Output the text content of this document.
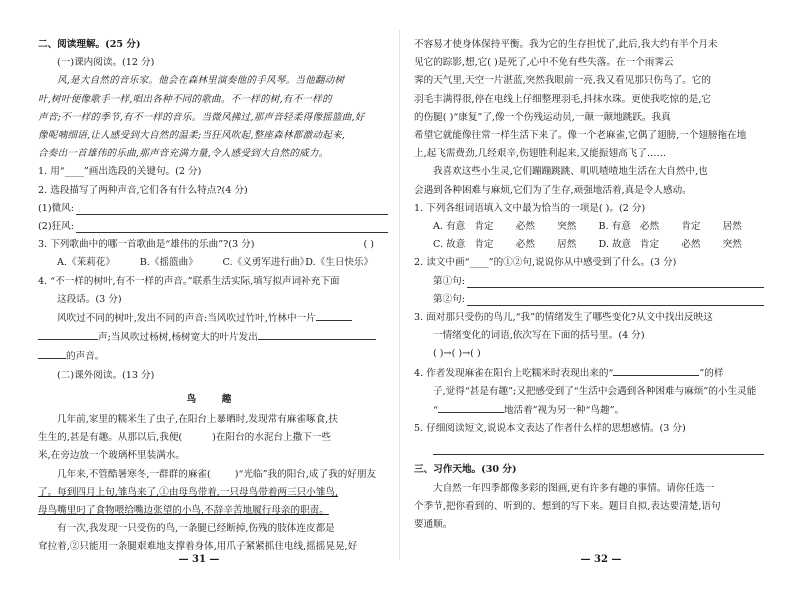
二、阅读理解。(25 分)
(一)课内阅读。(12 分)
风,是大自然的音乐家。他会在森林里演奏他的手风琴。当他翻动树
叶,树叶便像歌手一样,唱出各种不同的歌曲。不一样的树,有不一样的
声音;不一样的季节,有不一样的音乐。当微风拂过,那声音轻柔得像摇篮曲,好
像呢喃细语,让人感受到大自然的温柔;当狂风吹起,整座森林都激动起来,
合奏出一首雄伟的乐曲,那声音充满力量,令人感受到大自然的威力。
1. 用“____”画出选段的关键句。(2 分)
2. 选段描写了两种声音,它们各有什么特点?(4 分)
(1)微风:
(2)狂风:
3. 下列歌曲中的哪一首歌曲是“雄伟的乐曲”?(3 分)	( )
A.《茉莉花》	B.《摇篮曲》	C.《义勇军进行曲》
D.《生日快乐》
4. “不一样的树叶,有不一样的声音。”联系生活实际,填写拟声词补充下面
这段话。(3 分)
风吹过不同的树叶,发出不同的声音:当风吹过竹叶,竹林中一片
声;当风吹过杨树,杨树宽大的叶片发出
的声音。
(二)课外阅读。(13 分)
鸟　趣
几年前,家里的糯米生了虫子,在阳台上暴晒时,发现常有麻雀啄食,扶
生生的,甚是有趣。从那以后,我便(	)在阳台的水泥台上撒下一些
米,在旁边放一个玻璃杯里装满水。
几年来,不管酷暑寒冬,一群群的麻雀(	)“光临”我的阳台,成了我的好朋友
了。每到四月上旬,雏鸟来了,①由母鸟带着,一只母鸟带着两三只小雏鸟,
母鸟嘴里叼了食物喂给嘴边张望的小鸟,不辞辛苦地履行母亲的职责。
有一次,我发现一只受伤的鸟,一条腿已经断掉,伤残的肢体连皮都是
耷拉着,②只能用一条腿艰难地支撑着身体,用爪子紧紧抓住电线,摇摇晃晃,好
— 31 —
不容易才使身体保持平衡。我为它的生存担忧了,此后,我大约有半个月未
见它的踪影,想,它( )是死了,心中不免有些失落。在一个雨霁云
霁的天气里,天空一片湛蓝,突然我眼前一亮,我又看见那只伤鸟了。它的
羽毛丰满得很,停在电线上仔细整理羽毛,抖抹水珠。更使我吃惊的是,它
的伤腿( )“康复”了,像一个伤残运动员,一颠一颠地跳跃。我真
希望它就能像往常一样生活下来了。像一个老麻雀,它偶了翅膀,一个翅膀拖在地
上,起飞需费劲,几经艰辛,伤翅胜利起来,又能振翅高飞了……
我喜欢这些小生灵,它们蹦蹦跳跳、叽叽喳喳地生活在大自然中,也
会遇到各种困难与麻烦,它们为了生存,顽强地活着,真是令人感动。
1. 下列各组词语填入文中最为恰当的一项是( )。(2 分)
A. 有意 肯定	必然	突然	B. 有意 必然	肯定	居然
C. 故意 肯定	必然	居然	D. 故意 肯定	必然	突然
2. 读文中画“____”的①②句,说说你从中感受到了什么。(3 分)
第①句:
第②句:
3. 面对那只受伤的鸟儿,“我”的情绪发生了哪些变化?从文中找出反映这
一情绪变化的词语,依次写在下面的括号里。(4 分)
( )→( )→( )
4. 作者发现麻雀在阳台上吃糯米时表现出来的“	”的样
子,觉得“甚是有趣”;又把感受到了“生活中会遇到各种困难与麻烦”的小生灵能
“	地活着”视为另一种“鸟趣”。
5. 仔细阅读短文,说说本文表达了作者什么样的思想感情。(3 分)
三、习作天地。(30 分)
大自然一年四季都像多彩的图画,更有许多有趣的事情。请你任选一
个季节,把你看到的、听到的、想到的写下来。题目自拟,表达要清楚,语句
要通顺。
— 32 —
